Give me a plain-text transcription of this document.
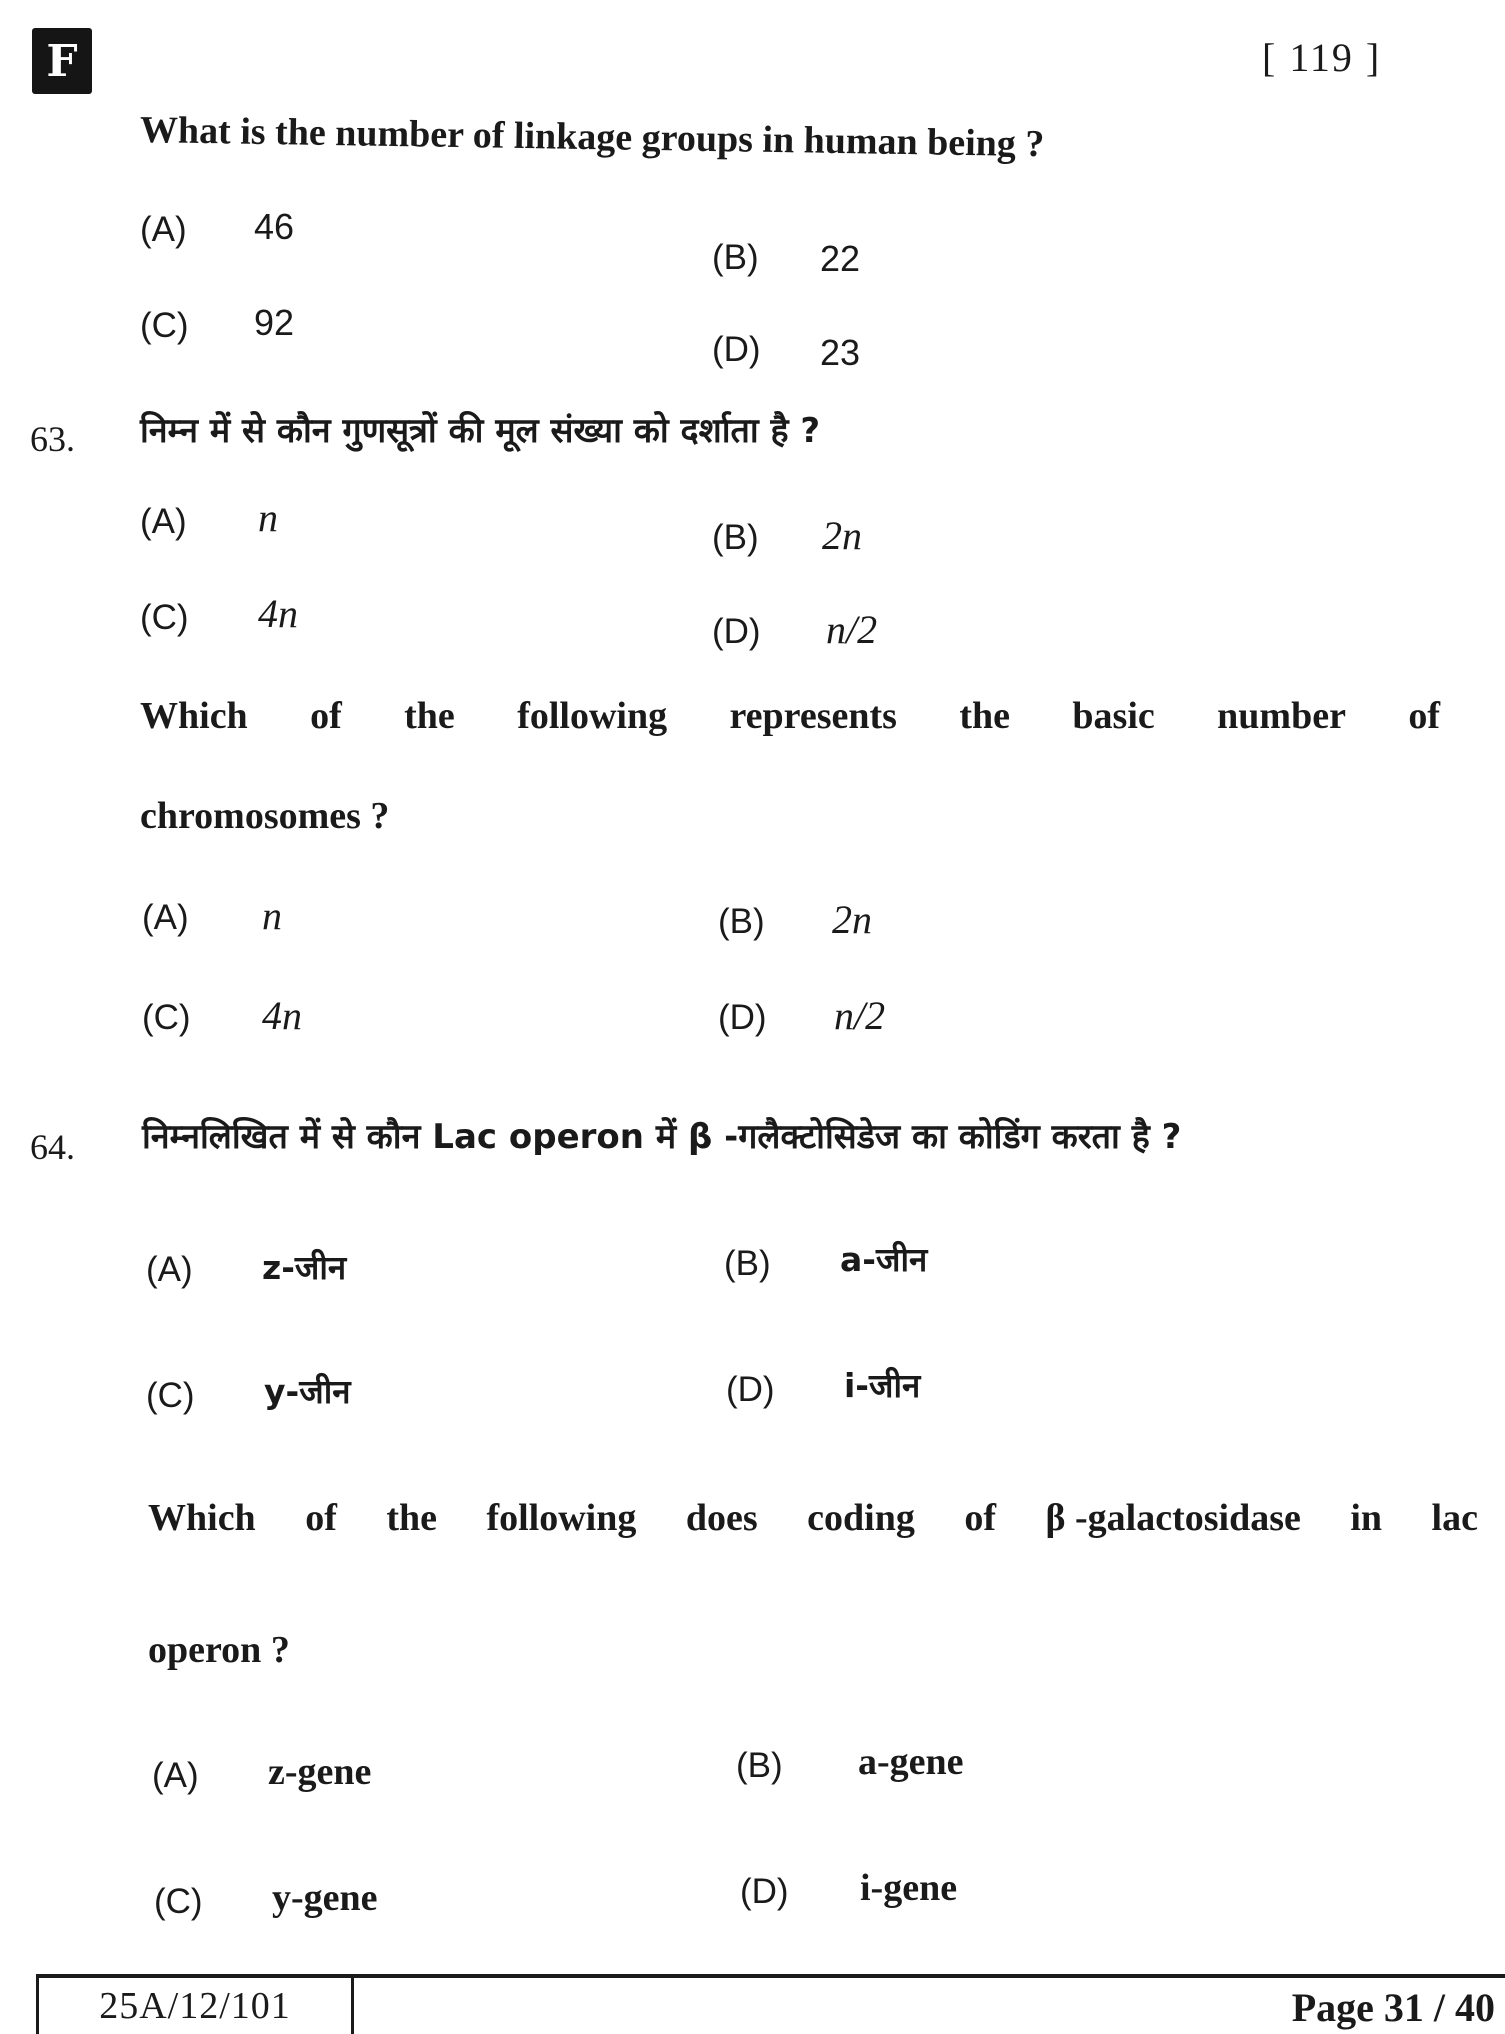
F	[ 119 ]
What is the number of linkage groups in human being ?
(A) 46
(B) 22
(C) 92
(D) 23
63. निम्न में से कौन गुणसूत्रों की मूल संख्या को दर्शाता है ?
(A) n	(B) 2n
(C) 4n	(D) n/2
Which of the following represents the basic number of
chromosomes ?
(A) n	(B) 2n
(C) 4n	(D) n/2
64. निम्नलिखित में से कौन Lac operon में β -गलैक्टोसिडेज का कोडिंग करता है ?
(A) z-जीन	(B) a-जीन
(C) y-जीन	(D) i-जीन
Which of the following does coding of β -galactosidase in lac
operon ?
(A) z-gene	(B) a-gene
(C) y-gene	(D) i-gene
25A/12/101	Page 31 / 40
